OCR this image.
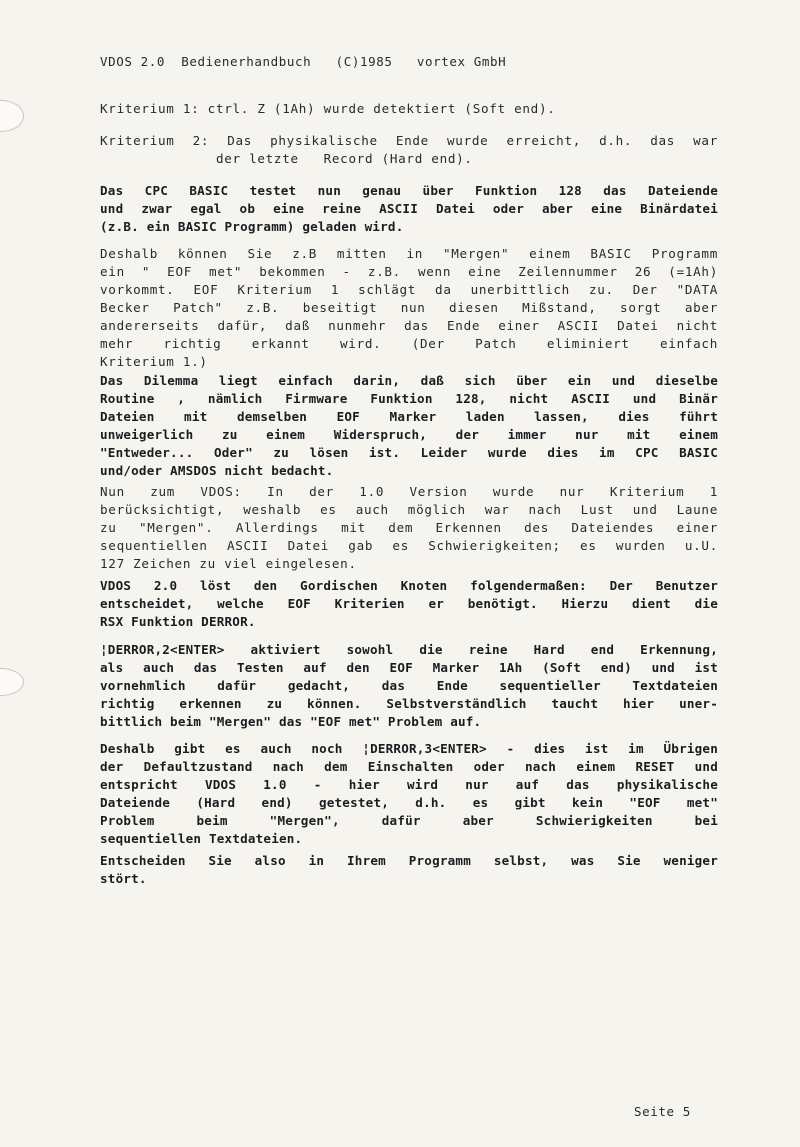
VDOS 2.0  Bedienerhandbuch   (C)1985   vortex GmbH
Kriterium 1: ctrl. Z (1Ah) wurde detektiert (Soft end).
Kriterium 2: Das physikalische Ende wurde erreicht, d.h. das war
der letzte   Record (Hard end).
Das CPC BASIC testet nun genau über Funktion 128 das Dateiende
und zwar egal ob eine reine ASCII Datei oder aber eine Binärdatei
(z.B. ein BASIC Programm) geladen wird.
Deshalb können Sie z.B mitten in "Mergen" einem BASIC Programm
ein " EOF met" bekommen - z.B. wenn eine Zeilennummer 26 (=1Ah)
vorkommt. EOF Kriterium 1 schlägt da unerbittlich zu. Der "DATA
Becker Patch" z.B. beseitigt nun diesen Mißstand, sorgt aber
andererseits dafür, daß nunmehr das Ende einer ASCII Datei nicht
mehr richtig erkannt wird. (Der Patch eliminiert einfach
Kriterium 1.)
Das Dilemma liegt einfach darin, daß sich über ein und dieselbe
Routine , nämlich Firmware Funktion 128, nicht ASCII und Binär
Dateien mit demselben EOF Marker laden lassen, dies führt
unweigerlich zu einem Widerspruch, der immer nur mit einem
"Entweder... Oder" zu lösen ist. Leider wurde dies im CPC BASIC
und/oder AMSDOS nicht bedacht.
Nun zum VDOS: In der 1.0 Version wurde nur Kriterium 1
berücksichtigt, weshalb es auch möglich war nach Lust und Laune
zu "Mergen". Allerdings mit dem Erkennen des Dateiendes einer
sequentiellen ASCII Datei gab es Schwierigkeiten; es wurden u.U.
127 Zeichen zu viel eingelesen.
VDOS 2.0 löst den Gordischen Knoten folgendermaßen: Der Benutzer
entscheidet, welche EOF Kriterien er benötigt. Hierzu dient die
RSX Funktion DERROR.
¦DERROR,2<ENTER> aktiviert sowohl die reine Hard end Erkennung,
als auch das Testen auf den EOF Marker 1Ah (Soft end) und ist
vornehmlich dafür gedacht, das Ende sequentieller Textdateien
richtig erkennen zu können. Selbstverständlich taucht hier uner-
bittlich beim "Mergen" das "EOF met" Problem auf.
Deshalb gibt es auch noch ¦DERROR,3<ENTER> - dies ist im Übrigen
der Defaultzustand nach dem Einschalten oder nach einem RESET und
entspricht VDOS 1.0 - hier wird nur auf das physikalische
Dateiende (Hard end) getestet, d.h. es gibt kein "EOF met"
Problem beim "Mergen", dafür aber Schwierigkeiten bei
sequentiellen Textdateien.
Entscheiden Sie also in Ihrem Programm selbst, was Sie weniger
stört.
Seite 5
